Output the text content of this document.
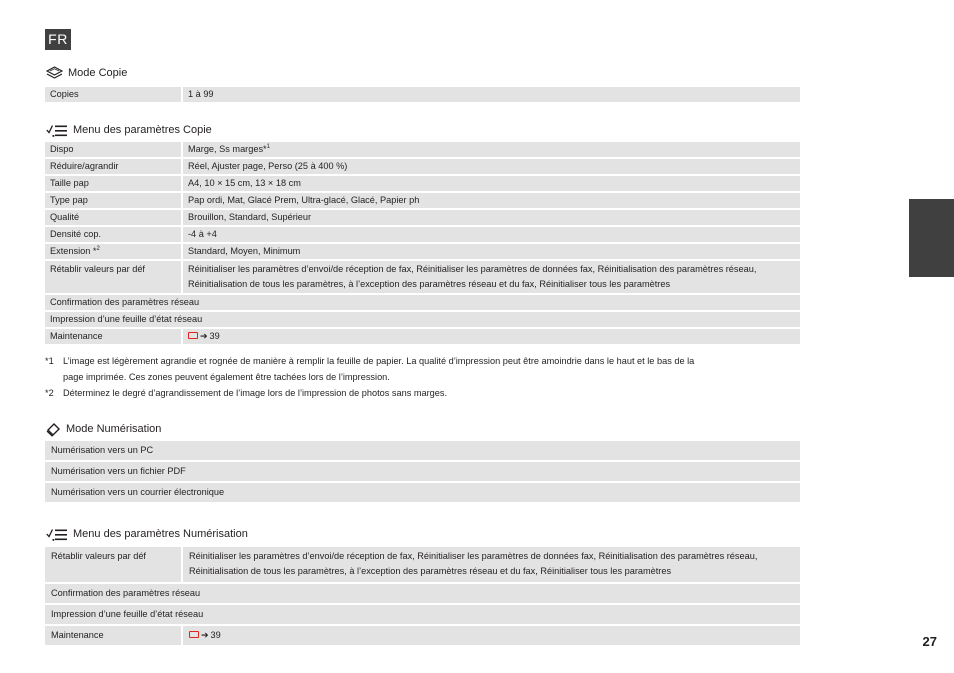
FR
27
Mode Copie
Copies	1 à 99
Menu des paramètres Copie
Dispo	Marge, Ss marges*$^1$
Réduire/agrandir	Réel, Ajuster page, Perso (25 à 400 %)
Taille pap	A4, 10 × 15 cm, 13 × 18 cm
Type pap	Pap ordi, Mat, Glacé Prem, Ultra-glacé, Glacé, Papier ph
Qualité	Brouillon, Standard, Supérieur
Densité cop.	-4 à +4
Extension *$^2$	Standard, Moyen, Minimum
Rétablir valeurs par déf	Réinitialiser les paramètres d’envoi/de réception de fax, Réinitialiser les paramètres de données fax, Réinitialisation des paramètres réseau, Réinitialisation de tous les paramètres, à l’exception des paramètres réseau et du fax, Réinitialiser tous les paramètres
Confirmation des paramètres réseau	
Impression d’une feuille d’état réseau	
Maintenance	➔ 39
*1 L’image est légèrement agrandie et rognée de manière à remplir la feuille de papier. La qualité d’impression peut être amoindrie dans le haut et le bas de la
page imprimée. Ces zones peuvent également être tachées lors de l’impression.
*2 Déterminez le degré d’agrandissement de l’image lors de l’impression de photos sans marges.
Mode Numérisation
Numérisation vers un PC
Numérisation vers un fichier PDF
Numérisation vers un courrier électronique
Menu des paramètres Numérisation
Rétablir valeurs par déf	Réinitialiser les paramètres d’envoi/de réception de fax, Réinitialiser les paramètres de données fax, Réinitialisation des paramètres réseau, Réinitialisation de tous les paramètres, à l’exception des paramètres réseau et du fax, Réinitialiser tous les paramètres
Confirmation des paramètres réseau	
Impression d’une feuille d’état réseau	
Maintenance	➔ 39
